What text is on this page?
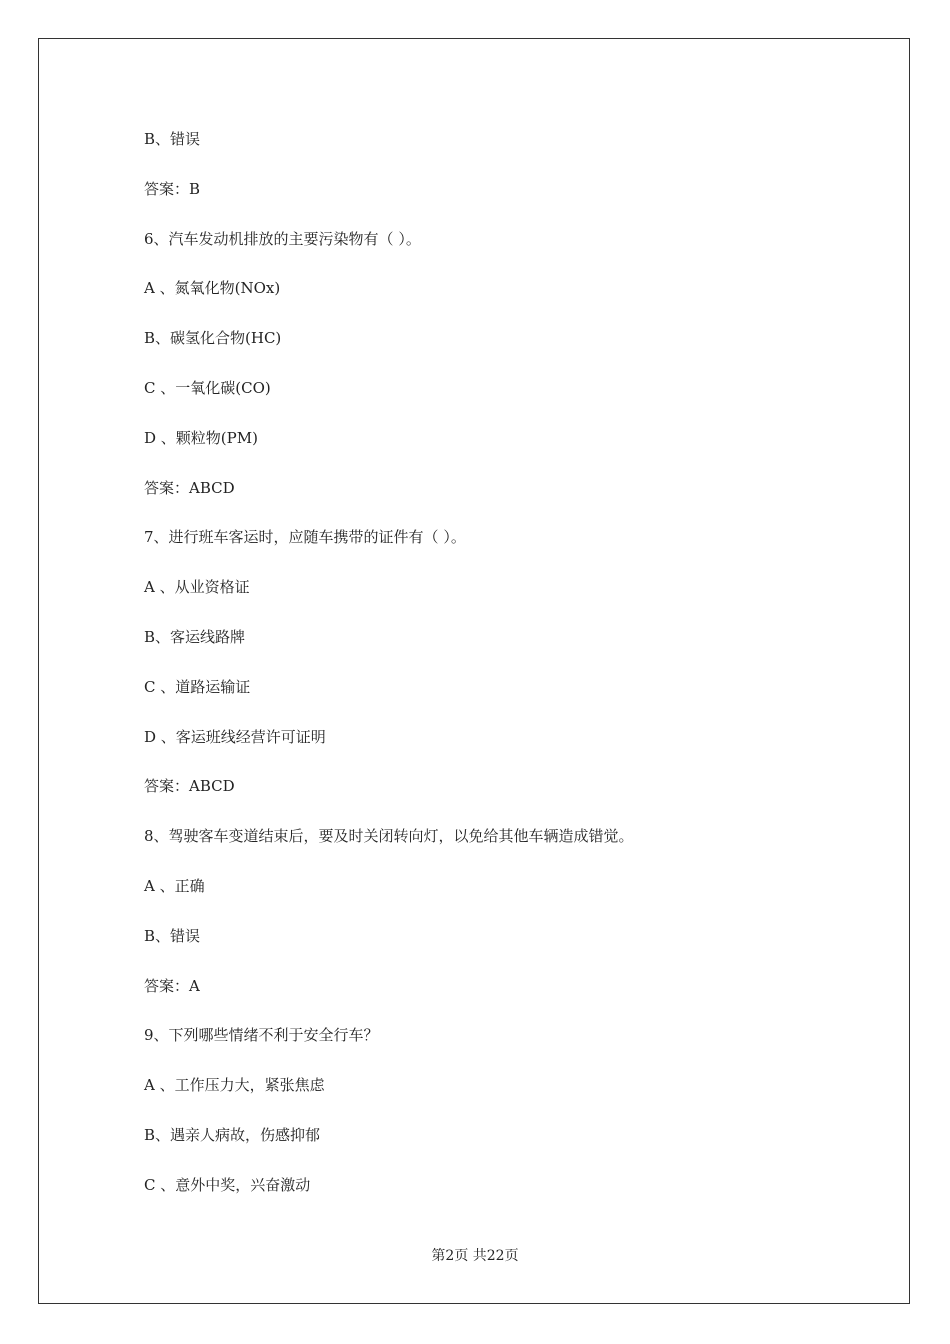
B、错误
答案：B
6、汽车发动机排放的主要污染物有（ ）。
A 、氮氧化物(NOx)
B、碳氢化合物(HC)
C 、一氧化碳(CO)
D 、颗粒物(PM)
答案：ABCD
7、进行班车客运时，应随车携带的证件有（ ）。
A 、从业资格证
B、客运线路牌
C 、道路运输证
D 、客运班线经营许可证明
答案：ABCD
8、驾驶客车变道结束后，要及时关闭转向灯，以免给其他车辆造成错觉。
A 、正确
B、错误
答案：A
9、下列哪些情绪不利于安全行车？
A 、工作压力大，紧张焦虑
B、遇亲人病故，伤感抑郁
C 、意外中奖，兴奋激动
第2页 共22页
